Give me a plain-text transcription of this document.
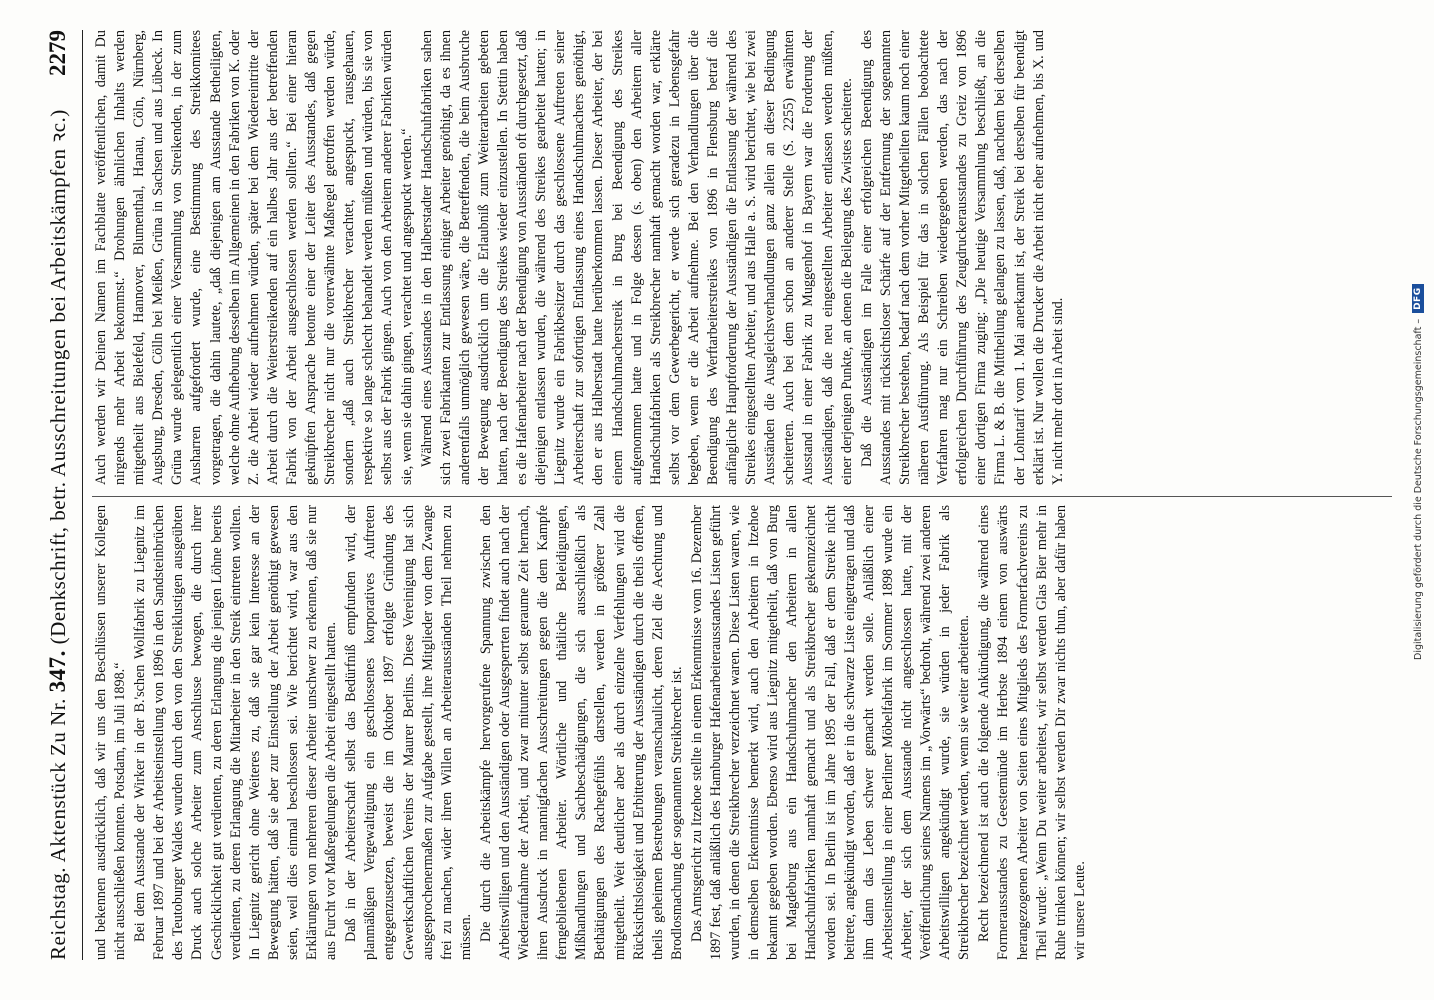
Reichstag. Aktenstück Zu Nr. 347. (Denkschrift, betr. Ausschreitungen bei Arbeitskämpfen ꝛc.)
2279

und bekennen ausdrücklich, daß wir uns den Beschlüssen unserer Kollegen nicht ausschließen konnten. Potsdam, im Juli 1898.“ Bei dem Ausstande der Wirker in der B.'schen Wollfabrik zu Liegnitz im Februar 1897 und bei der Arbeitseinstellung von 1896 in den Sandsteinbrüchen des Teutoburger Waldes wurden durch den von den Streiklustigen ausgeübten Druck auch solche Arbeiter zum Anschlusse bewogen, die durch ihrer Geschicklichkeit gut verdienten, zu deren Erlangung die jenigen Löhne bereits verdienten, zu deren Erlangung die Mitarbeiter in den Streik eintreten wollten. In Liegnitz gericht ohne Weiteres zu, daß sie gar kein Interesse an der Bewegung hätten, daß sie aber zur Einstellung der Arbeit genöthigt gewesen seien, weil dies einmal beschlossen sei. Wie berichtet wird, war aus den Erklärungen von mehreren dieser Arbeiter unschwer zu erkennen, daß sie nur aus Furcht vor Maßregelungen die Arbeit eingestellt hatten. Daß in der Arbeiterschaft selbst das Bedürfniß empfunden wird, der planmäßigen Vergewaltigung ein geschlossenes korporatives Auftreten entgegenzusetzen, beweist die im Oktober 1897 erfolgte Gründung des Gewerkschaftlichen Vereins der Maurer Berlins. Diese Vereinigung hat sich ausgesprochenermaßen zur Aufgabe gestellt, ihre Mitglieder von dem Zwange frei zu machen, wider ihren Willen an Arbeiterausständen Theil nehmen zu müssen. Die durch die Arbeitskämpfe hervorgerufene Spannung zwischen den Arbeitswilligen und den Ausständigen oder Ausgesperrten findet auch nach der Wiederaufnahme der Arbeit, und zwar mitunter selbst geraume Zeit hernach, ihren Ausdruck in mannigfachen Ausschreitungen gegen die dem Kampfe ferngebliebenen Arbeiter. Wörtliche und thätliche Beleidigungen, Mißhandlungen und Sachbeschädigungen, die sich ausschließlich als Bethätigungen des Rachegefühls darstellen, werden in größerer Zahl mitgetheilt. Weit deutlicher aber als durch einzelne Verfehlungen wird die Rücksichtslosigkeit und Erbitterung der Ausständigen durch die theils offenen, theils geheimen Bestrebungen veranschaulicht, deren Ziel die Aechtung und Brodlosmachung der sogenannten Streikbrecher ist. Das Amtsgericht zu Itzehoe stellte in einem Erkenntnisse vom 16. Dezember 1897 fest, daß anläßlich des Hamburger Hafenarbeiterausstandes Listen geführt wurden, in denen die Streikbrecher verzeichnet waren. Diese Listen waren, wie in demselben Erkenntnisse bemerkt wird, auch den Arbeitern in Itzehoe bekannt gegeben worden. Ebenso wird aus Liegnitz mitgetheilt, daß von Burg bei Magdeburg aus ein Handschuhmacher den Arbeitern in allen Handschuhfabriken namhaft gemacht und als Streikbrecher gekennzeichnet worden sei. In Berlin ist im Jahre 1895 der Fall, daß er dem Streike nicht beitrete, angekündigt worden, daß er in die schwarze Liste eingetragen und daß ihm dann das Leben schwer gemacht werden solle. Anläßlich einer Arbeitseinstellung in einer Berliner Möbelfabrik im Sommer 1898 wurde ein Arbeiter, der sich dem Ausstande nicht angeschlossen hatte, mit der Veröffentlichung seines Namens im „Vorwärts“ bedroht, während zwei anderen Arbeitswilligen angekündigt wurde, sie würden in jeder Fabrik als Streikbrecher bezeichnet werden, wenn sie weiter arbeiteten. Recht bezeichnend ist auch die folgende Ankündigung, die während eines Formerausstandes zu Geestemünde im Herbste 1894 einem von auswärts herangezogenen Arbeiter von Seiten eines Mitglieds des Formerfachvereins zu Theil wurde: „Wenn Du weiter arbeitest, wir selbst werden Glas Bier mehr in Ruhe trinken können; wir selbst werden Dir zwar nichts thun, aber dafür haben wir unsere Leute.

Auch werden wir Deinen Namen im Fachblatte veröffentlichen, damit Du nirgends mehr Arbeit bekommst.“ Drohungen ähnlichen Inhalts werden mitgetheilt aus Bielefeld, Hannover, Blumenthal, Hanau, Cöln, Nürnberg, Augsburg, Dresden, Cölln bei Meißen, Grüna in Sachsen und aus Lübeck. In Grüna wurde gelegentlich einer Versammlung von Streikenden, in der zum Ausharren aufgefordert wurde, eine Bestimmung des Streikkomitees vorgetragen, die dahin lautete, „daß diejenigen am Ausstande Betheiligten, welche ohne Aufhebung desselben im Allgemeinen in den Fabriken von K. oder Z. die Arbeit wieder aufnehmen würden, später bei dem Wiedereintritte der Arbeit durch die Weiterstreikenden auf ein halbes Jahr aus der betreffenden Fabrik von der Arbeit ausgeschlossen werden sollten.“ Bei einer hieran geknüpften Ansprache betonte einer der Leiter des Ausstandes, daß gegen Streikbrecher nicht nur die vorerwähnte Maßregel getroffen werden würde, sondern „daß auch Streikbrecher verachtet, angespuckt, rausgehauen, respektive so lange schlecht behandelt werden müßten und würden, bis sie von selbst aus der Fabrik gingen. Auch von den Arbeitern anderer Fabriken würden sie, wenn sie dahin gingen, verachtet und angespuckt werden.“ Während eines Ausstandes in den Halberstadter Handschuhfabriken sahen sich zwei Fabrikanten zur Entlassung einiger Arbeiter genöthigt, da es ihnen anderenfalls unmöglich gewesen wäre, die Betreffenden, die beim Ausbruche der Bewegung ausdrücklich um die Erlaubniß zum Weiterarbeiten gebeten hatten, nach der Beendigung des Streikes wieder einzustellen. In Stettin haben es die Hafenarbeiter nach der Beendigung von Ausständen oft durchgesetzt, daß diejenigen entlassen wurden, die während des Streikes gearbeitet hatten; in Liegnitz wurde ein Fabrikbesitzer durch das geschlossene Auftreten seiner Arbeiterschaft zur sofortigen Entlassung eines Handschuhmachers genöthigt, den er aus Halberstadt hatte herüberkommen lassen. Dieser Arbeiter, der bei einem Handschuhmacherstreik in Burg bei Beendigung des Streikes aufgenommen hatte und in Folge dessen (s. oben) den Arbeitern aller Handschuhfabriken als Streikbrecher namhaft gemacht worden war, erklärte selbst vor dem Gewerbegericht, er werde sich geradezu in Lebensgefahr begeben, wenn er die Arbeit aufnehme. Bei den Verhandlungen über die Beendigung des Werftarbeiterstreikes von 1896 in Flensburg betraf die anfängliche Hauptforderung der Ausständigen die Entlassung der während des Streikes eingestellten Arbeiter, und aus Halle a. S. wird berichtet, wie bei zwei Ausständen die Ausgleichsverhandlungen ganz allein an dieser Bedingung scheiterten. Auch bei dem schon an anderer Stelle (S. 2255) erwähnten Ausstand in einer Fabrik zu Muggenhof in Bayern war die Forderung der Ausständigen, daß die neu eingestellten Arbeiter entlassen werden müßten, einer derjenigen Punkte, an denen die Beilegung des Zwistes scheiterte. Daß die Ausständigen im Falle einer erfolgreichen Beendigung des Ausstandes mit rücksichtsloser Schärfe auf der Entfernung der sogenannten Streikbrecher bestehen, bedarf nach dem vorher Mitgetheilten kaum noch einer näheren Ausführung. Als Beispiel für das in solchen Fällen beobachtete Verfahren mag nur ein Schreiben wiedergegeben werden, das nach der erfolgreichen Durchführung des Zeugdruckerausstandes zu Greiz von 1896 einer dortigen Firma zuging: „Die heutige Versammlung beschließt, an die Firma L. & B. die Mittheilung gelangen zu lassen, daß, nachdem bei derselben der Lohntarif vom 1. Mai anerkannt ist, der Streik bei derselben für beendigt erklärt ist. Nur wollen die Drucker die Arbeit nicht eher aufnehmen, bis X. und Y. nicht mehr dort in Arbeit sind.	Digitalisierung gefördert durch die Deutsche Forschungsgemeinschaft –
DFG
